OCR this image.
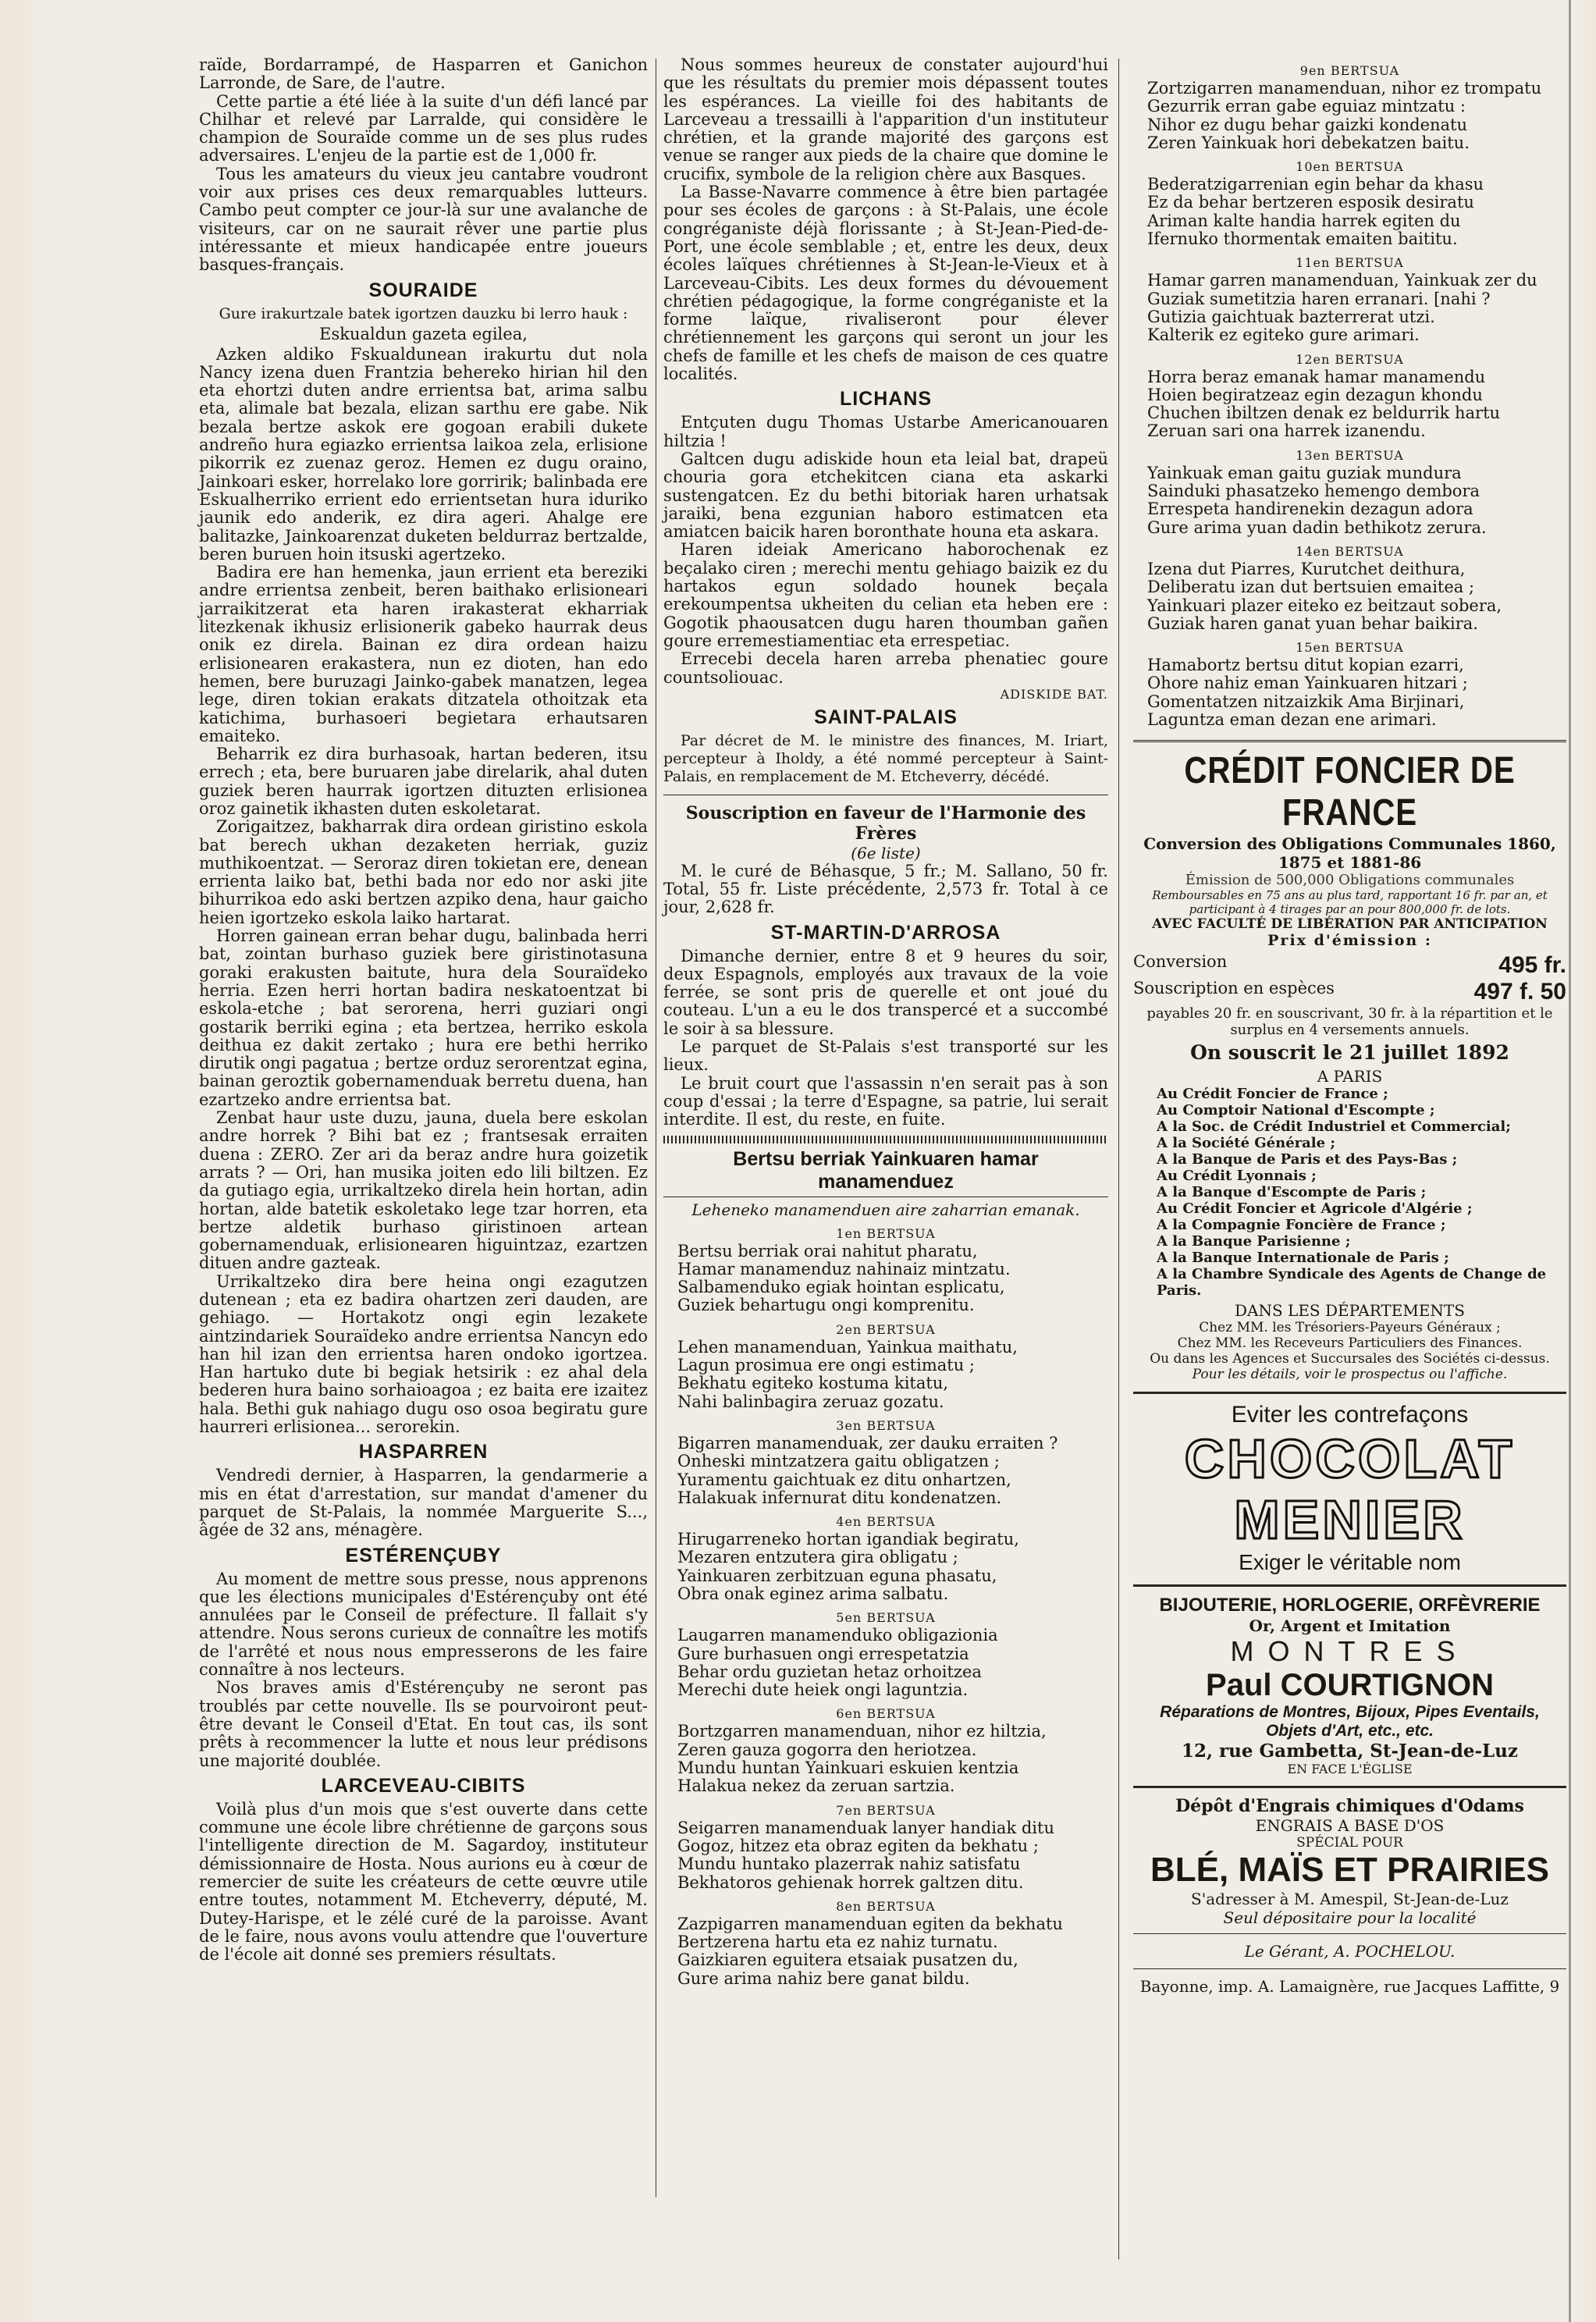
raïde, Bordarrampé, de Hasparren et Ganichon Larronde, de Sare, de l'autre.

Cette partie a été liée à la suite d'un défi lancé par Chilhar et relevé par Larralde, qui considère le champion de Souraïde comme un de ses plus rudes adversaires. L'enjeu de la partie est de 1,000 fr.

Tous les amateurs du vieux jeu cantabre voudront voir aux prises ces deux remarquables lutteurs. Cambo peut compter ce jour-là sur une avalanche de visiteurs, car on ne saurait rêver une partie plus intéressante et mieux handicapée entre joueurs basques-français.

SOURAIDE
Gure irakurtzale batek igortzen dauzku bi lerro hauk :
Eskualdun gazeta egilea,

Azken aldiko Fskualdunean irakurtu dut nola Nancy izena duen Frantzia behereko hirian hil den eta ehortzi duten andre errientsa bat, arima salbu eta, alimale bat bezala, elizan sarthu ere gabe. Nik bezala bertze askok ere gogoan erabili dukete andreño hura egiazko errientsa laikoa zela, erlisione pikorrik ez zuenaz geroz. Hemen ez dugu oraino, Jainkoari esker, horrelako lore gorririk; balinbada ere Eskualherriko errient edo errientsetan hura iduriko jaunik edo anderik, ez dira ageri. Ahalge ere balitazke, Jainkoarenzat duketen beldurraz bertzalde, beren buruen hoin itsuski agertzeko.

Badira ere han hemenka, jaun errient eta bereziki andre errientsa zenbeit, beren baithako erlisioneari jarraikitzerat eta haren irakasterat ekharriak litezkenak ikhusiz erlisionerik gabeko haurrak deus onik ez direla. Bainan ez dira ordean haizu erlisionearen erakastera, nun ez dioten, han edo hemen, bere buruzagi Jainko-gabek manatzen, legea lege, diren tokian erakats ditzatela othoitzak eta katichima, burhasoeri begietara erhautsaren emaiteko.

Beharrik ez dira burhasoak, hartan bederen, itsu errech ; eta, bere buruaren jabe direlarik, ahal duten guziek beren haurrak igortzen dituzten erlisionea oroz gainetik ikhasten duten eskoletarat.

Zorigaitzez, bakharrak dira ordean giristino eskola bat berech ukhan dezaketen herriak, guziz muthikoentzat. — Seroraz diren tokietan ere, denean errienta laiko bat, bethi bada nor edo nor aski jite bihurrikoa edo aski bertzen azpiko dena, haur gaicho heien igortzeko eskola laiko hartarat.

Horren gainean erran behar dugu, balinbada herri bat, zointan burhaso guziek bere giristinotasuna goraki erakusten baitute, hura dela Souraïdeko herria. Ezen herri hortan badira neskatoentzat bi eskola-etche ; bat serorena, herri guziari ongi gostarik berriki egina ; eta bertzea, herriko eskola deithua ez dakit zertako ; hura ere bethi herriko dirutik ongi pagatua ; bertze orduz serorentzat egina, bainan geroztik gobernamenduak berretu duena, han ezartzeko andre errientsa bat.

Zenbat haur uste duzu, jauna, duela bere eskolan andre horrek ? Bihi bat ez ; frantsesak erraiten duena : ZERO. Zer ari da beraz andre hura goizetik arrats ? — Ori, han musika joiten edo lili biltzen. Ez da gutiago egia, urrikaltzeko direla hein hortan, adin hortan, alde batetik eskoletako lege tzar horren, eta bertze aldetik burhaso giristinoen artean gobernamenduak, erlisionearen higuintzaz, ezartzen dituen andre gazteak.

Urrikaltzeko dira bere heina ongi ezagutzen dutenean ; eta ez badira ohartzen zeri dauden, are gehiago. — Hortakotz ongi egin lezakete aintzindariek Souraïdeko andre errientsa Nancyn edo han hil izan den errientsa haren ondoko igortzea. Han hartuko dute bi begiak hetsirik : ez ahal dela bederen hura baino sorhaioagoa ; ez baita ere izaitez hala. Bethi guk nahiago dugu oso osoa begiratu gure haurreri erlisionea... serorekin.

HASPARREN

Vendredi dernier, à Hasparren, la gendarmerie a mis en état d'arrestation, sur mandat d'amener du parquet de St-Palais, la nommée Marguerite S..., âgée de 32 ans, ménagère.

ESTÉRENÇUBY

Au moment de mettre sous presse, nous apprenons que les élections municipales d'Estérençuby ont été annulées par le Conseil de préfecture. Il fallait s'y attendre. Nous serons curieux de connaître les motifs de l'arrêté et nous nous empresserons de les faire connaître à nos lecteurs.

Nos braves amis d'Estérençuby ne seront pas troublés par cette nouvelle. Ils se pourvoiront peut-être devant le Conseil d'Etat. En tout cas, ils sont prêts à recommencer la lutte et nous leur prédisons une majorité doublée.

LARCEVEAU-CIBITS

Voilà plus d'un mois que s'est ouverte dans cette commune une école libre chrétienne de garçons sous l'intelligente direction de M. Sagardoy, instituteur démissionnaire de Hosta. Nous aurions eu à cœur de remercier de suite les créateurs de cette œuvre utile entre toutes, notamment M. Etcheverry, député, M. Dutey-Harispe, et le zélé curé de la paroisse. Avant de le faire, nous avons voulu attendre que l'ouverture de l'école ait donné ses premiers résultats.

Nous sommes heureux de constater aujourd'hui que les résultats du premier mois dépassent toutes les espérances. La vieille foi des habitants de Larceveau a tressailli à l'apparition d'un instituteur chrétien, et la grande majorité des garçons est venue se ranger aux pieds de la chaire que domine le crucifix, symbole de la religion chère aux Basques.

La Basse-Navarre commence à être bien partagée pour ses écoles de garçons : à St-Palais, une école congréganiste déjà florissante ; à St-Jean-Pied-de-Port, une école semblable ; et, entre les deux, deux écoles laïques chrétiennes à St-Jean-le-Vieux et à Larceveau-Cibits. Les deux formes du dévouement chrétien pédagogique, la forme congréganiste et la forme laïque, rivaliseront pour élever chrétiennement les garçons qui seront un jour les chefs de famille et les chefs de maison de ces quatre localités.

LICHANS

Entçuten dugu Thomas Ustarbe Americanouaren hiltzia !

Galtcen dugu adiskide houn eta leial bat, drapeü chouria gora etchekitcen ciana eta askarki sustengatcen. Ez du bethi bitoriak haren urhatsak jaraiki, bena ezgunian haboro estimatcen eta amiatcen baicik haren boronthate houna eta askara.

Haren ideiak Americano haborochenak ez beçalako ciren ; merechi mentu gehiago baizik ez du hartakos egun soldado hounek beçala erekoumpentsa ukheiten du celian eta heben ere : Gogotik phaousatcen dugu haren thoumban gañen goure erremestiamentiac eta errespetiac.

Errecebi decela haren arreba phenatiec goure countsoliouac.

ADISKIDE BAT.
SAINT-PALAIS

Par décret de M. le ministre des finances, M. Iriart, percepteur à Iholdy, a été nommé percepteur à Saint-Palais, en remplacement de M. Etcheverry, décédé.

Souscription en faveur de l'Harmonie des Frères
(6e liste)

M. le curé de Béhasque, 5 fr.; M. Sallano, 50 fr. Total, 55 fr. Liste précédente, 2,573 fr. Total à ce jour, 2,628 fr.

ST-MARTIN-D'ARROSA

Dimanche dernier, entre 8 et 9 heures du soir, deux Espagnols, employés aux travaux de la voie ferrée, se sont pris de querelle et ont joué du couteau. L'un a eu le dos transpercé et a succombé le soir à sa blessure.

Le parquet de St-Palais s'est transporté sur les lieux.

Le bruit court que l'assassin n'en serait pas à son coup d'essai ; la terre d'Espagne, sa patrie, lui serait interdite. Il est, du reste, en fuite.

Bertsu berriak Yainkuaren hamar manamenduez
Leheneko manamenduen aire zaharrian emanak.
1en BERTSUA
Bertsu berriak orai nahitut pharatu,
Hamar manamenduz nahinaiz mintzatu.
Salbamenduko egiak hointan esplicatu,
Guziek behartugu ongi komprenitu.
2en BERTSUA
Lehen manamenduan, Yainkua maithatu,
Lagun prosimua ere ongi estimatu ;
Bekhatu egiteko kostuma kitatu,
Nahi balinbagira zeruaz gozatu.
3en BERTSUA
Bigarren manamenduak, zer dauku erraiten ?
Onheski mintzatzera gaitu obligatzen ;
Yuramentu gaichtuak ez ditu onhartzen,
Halakuak infernurat ditu kondenatzen.
4en BERTSUA
Hirugarreneko hortan igandiak begiratu,
Mezaren entzutera gira obligatu ;
Yainkuaren zerbitzuan eguna phasatu,
Obra onak eginez arima salbatu.
5en BERTSUA
Laugarren manamenduko obligazionia
Gure burhasuen ongi errespetatzia
Behar ordu guzietan hetaz orhoitzea
Merechi dute heiek ongi laguntzia.
6en BERTSUA
Bortzgarren manamenduan, nihor ez hiltzia,
Zeren gauza gogorra den heriotzea.
Mundu huntan Yainkuari eskuien kentzia
Halakua nekez da zeruan sartzia.
7en BERTSUA
Seigarren manamenduak lanyer handiak ditu
Gogoz, hitzez eta obraz egiten da bekhatu ;
Mundu huntako plazerrak nahiz satisfatu
Bekhatoros gehienak horrek galtzen ditu.
8en BERTSUA
Zazpigarren manamenduan egiten da bekhatu
Bertzerena hartu eta ez nahiz turnatu.
Gaizkiaren eguitera etsaiak pusatzen du,
Gure arima nahiz bere ganat bildu.
9en BERTSUA
Zortzigarren manamenduan, nihor ez trompatu
Gezurrik erran gabe eguiaz mintzatu :
Nihor ez dugu behar gaizki kondenatu
Zeren Yainkuak hori debekatzen baitu.
10en BERTSUA
Bederatzigarrenian egin behar da khasu
Ez da behar bertzeren esposik desiratu
Ariman kalte handia harrek egiten du
Ifernuko thormentak emaiten baititu.
11en BERTSUA
Hamar garren manamenduan, Yainkuak zer du
Guziak sumetitzia haren erranari. [nahi ?
Gutizia gaichtuak bazterrerat utzi.
Kalterik ez egiteko gure arimari.
12en BERTSUA
Horra beraz emanak hamar manamendu
Hoien begiratzeaz egin dezagun khondu
Chuchen ibiltzen denak ez beldurrik hartu
Zeruan sari ona harrek izanendu.
13en BERTSUA
Yainkuak eman gaitu guziak mundura
Sainduki phasatzeko hemengo dembora
Errespeta handirenekin dezagun adora
Gure arima yuan dadin bethikotz zerura.
14en BERTSUA
Izena dut Piarres, Kurutchet deithura,
Deliberatu izan dut bertsuien emaitea ;
Yainkuari plazer eiteko ez beitzaut sobera,
Guziak haren ganat yuan behar baikira.
15en BERTSUA
Hamabortz bertsu ditut kopian ezarri,
Ohore nahiz eman Yainkuaren hitzari ;
Gomentatzen nitzaizkik Ama Birjinari,
Laguntza eman dezan ene arimari.
CRÉDIT FONCIER DE FRANCE
Conversion des Obligations Communales 1860, 1875 et 1881-86
Émission de 500,000 Obligations communales
Remboursables en 75 ans au plus tard, rapportant 16 fr. par an, et participant à 4 tirages par an pour 800,000 fr. de lots.
AVEC FACULTÉ DE LIBÉRATION PAR ANTICIPATION
Prix d'émission :
Conversion	495 fr.
Souscription en espèces	497 f. 50
payables 20 fr. en souscrivant, 30 fr. à la répartition et le surplus en 4 versements annuels.
On souscrit le 21 juillet 1892
A PARIS
Au Crédit Foncier de France ;
Au Comptoir National d'Escompte ;
A la Soc. de Crédit Industriel et Commercial;
A la Société Générale ;
A la Banque de Paris et des Pays-Bas ;
Au Crédit Lyonnais ;
A la Banque d'Escompte de Paris ;
Au Crédit Foncier et Agricole d'Algérie ;
A la Compagnie Foncière de France ;
A la Banque Parisienne ;
A la Banque Internationale de Paris ;
A la Chambre Syndicale des Agents de Change de Paris.
DANS LES DÉPARTEMENTS
Chez MM. les Trésoriers-Payeurs Généraux ;
Chez MM. les Receveurs Particuliers des Finances.
Ou dans les Agences et Succursales des Sociétés ci-dessus.
Pour les détails, voir le prospectus ou l'affiche.
Eviter les contrefaçons
CHOCOLAT
MENIER
Exiger le véritable nom
BIJOUTERIE, HORLOGERIE, ORFÈVRERIE
Or, Argent et Imitation
MONTRES
Paul COURTIGNON
Réparations de Montres, Bijoux, Pipes Eventails, Objets d'Art, etc., etc.
12, rue Gambetta, St-Jean-de-Luz
EN FACE L'ÉGLISE
Dépôt d'Engrais chimiques d'Odams
ENGRAIS A BASE D'OS
SPÉCIAL POUR
BLÉ, MAÏS ET PRAIRIES
S'adresser à M. Amespil, St-Jean-de-Luz
Seul dépositaire pour la localité
Le Gérant, A. POCHELOU.
Bayonne, imp. A. Lamaignère, rue Jacques Laffitte, 9
